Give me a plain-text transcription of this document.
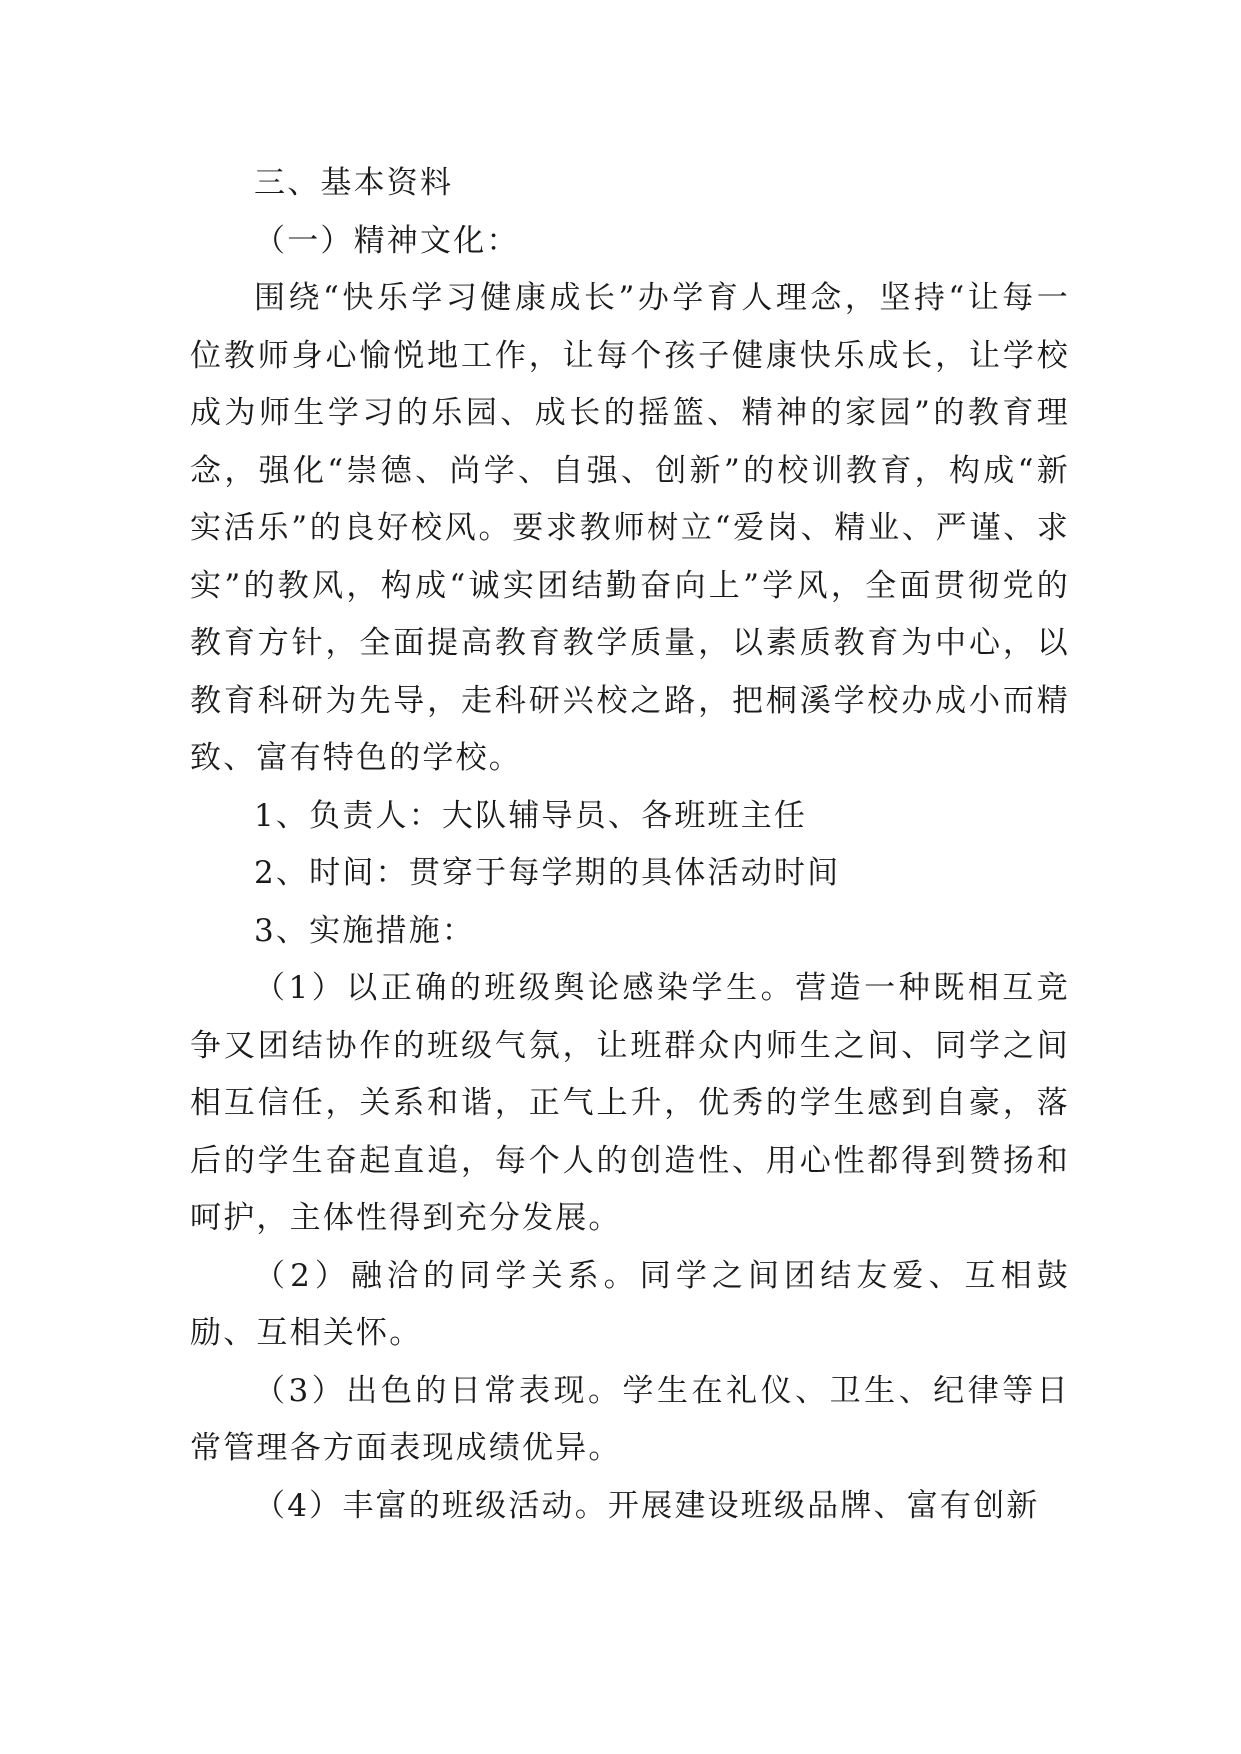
三、基本资料

（一）精神文化：

围绕“快乐学习健康成长”办学育人理念，坚持“让每一位教师身心愉悦地工作，让每个孩子健康快乐成长，让学校成为师生学习的乐园、成长的摇篮、精神的家园”的教育理念，强化“崇德、尚学、自强、创新”的校训教育，构成“新实活乐”的良好校风。要求教师树立“爱岗、精业、严谨、求实”的教风，构成“诚实团结勤奋向上”学风，全面贯彻党的教育方针，全面提高教育教学质量，以素质教育为中心，以教育科研为先导，走科研兴校之路，把桐溪学校办成小而精致、富有特色的学校。

1、负责人：大队辅导员、各班班主任

2、时间：贯穿于每学期的具体活动时间

3、实施措施：

（1）以正确的班级舆论感染学生。营造一种既相互竞争又团结协作的班级气氛，让班群众内师生之间、同学之间相互信任，关系和谐，正气上升，优秀的学生感到自豪，落后的学生奋起直追，每个人的创造性、用心性都得到赞扬和呵护，主体性得到充分发展。

（2）融洽的同学关系。同学之间团结友爱、互相鼓励、互相关怀。

（3）出色的日常表现。学生在礼仪、卫生、纪律等日常管理各方面表现成绩优异。

（4）丰富的班级活动。开展建设班级品牌、富有创新
